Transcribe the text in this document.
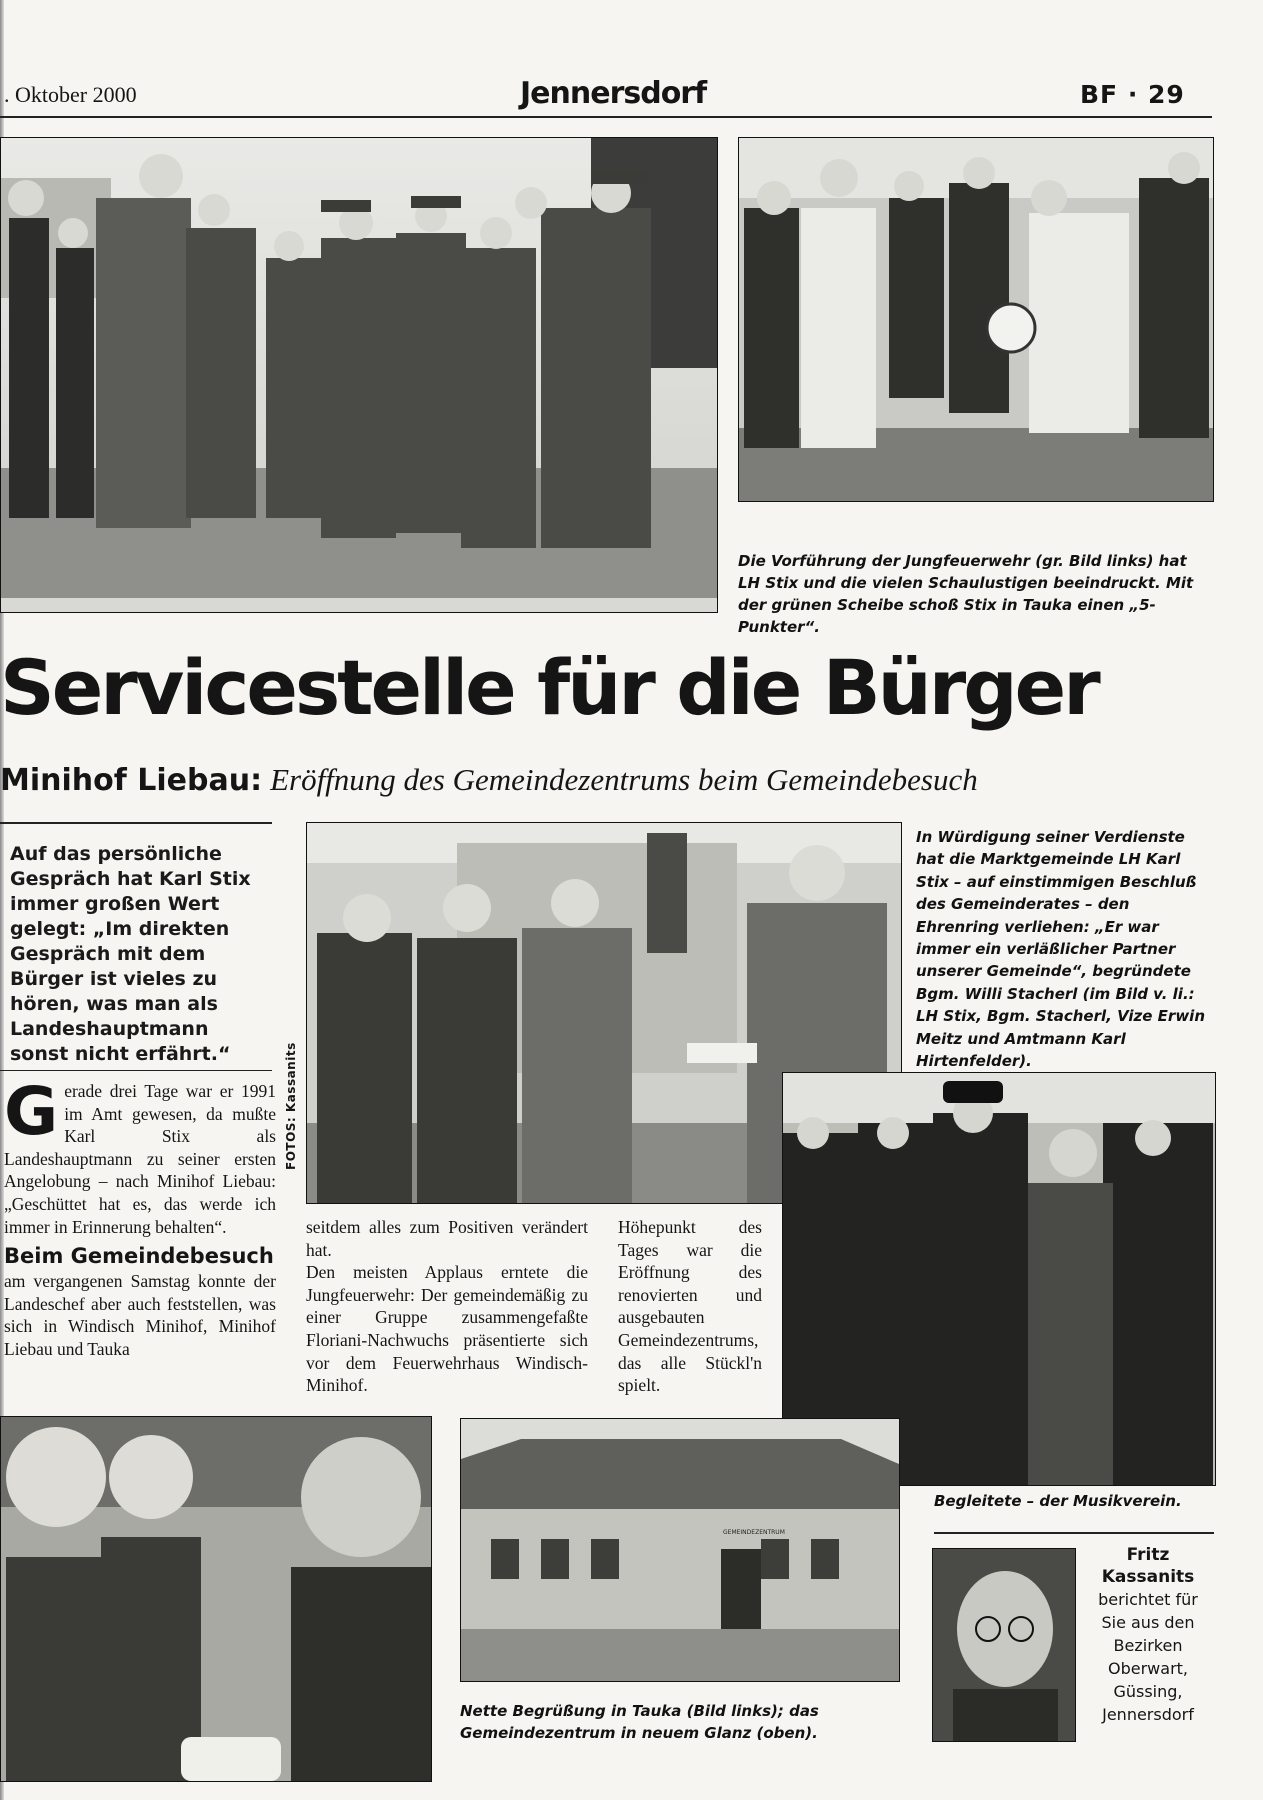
. Oktober 2000	Jennersdorf	BF · 29
Die Vorführung der Jungfeuerwehr (gr. Bild links) hat LH Stix und die vielen Schaulustigen beeindruckt. Mit der grünen Scheibe schoß Stix in Tauka einen „5-Punkter“.
Servicestelle für die Bürger
Minihof Liebau: Eröffnung des Gemeindezentrums beim Gemeindebesuch
Auf das persönliche Gespräch hat Karl Stix immer großen Wert gelegt: „Im direkten Gespräch mit dem Bürger ist vieles zu hören, was man als Landeshauptmann sonst nicht erfährt.“
Gerade drei Tage war er 1991 im Amt gewesen, da mußte Karl Stix als Landeshauptmann zu seiner ersten Angelobung – nach Minihof Liebau: „Geschüttet hat es, das werde ich immer in Erinnerung behalten“.
Beim Gemeindebesuch
am vergangenen Samstag konnte der Landeschef aber auch feststellen, was sich in Windisch Minihof, Minihof Liebau und Tauka
FOTOS: Kassanits
seitdem alles zum Positiven verändert hat.
Den meisten Applaus erntete die Jungfeuerwehr: Der gemeindemäßig zu einer Gruppe zusammengefaßte Floriani-Nachwuchs präsentierte sich vor dem Feuerwehrhaus Windisch-Minihof.
Höhepunkt des Tages war die Eröffnung des renovierten und ausgebauten Gemeindezentrums, das alle Stückl'n spielt.
In Würdigung seiner Verdienste hat die Marktgemeinde LH Karl Stix – auf einstimmigen Beschluß des Gemeinderates – den Ehrenring verliehen: „Er war immer ein verläßlicher Partner unserer Gemeinde“, begründete Bgm. Willi Stacherl (im Bild v. li.: LH Stix, Bgm. Stacherl, Vize Erwin Meitz und Amtmann Karl Hirtenfelder).
Begleitete – der Musikverein.
GEMEINDEZENTRUM
Nette Begrüßung in Tauka (Bild links); das Gemeindezentrum in neuem Glanz (oben).
Fritz Kassanits
berichtet für Sie aus den Bezirken Oberwart, Güssing, Jennersdorf
